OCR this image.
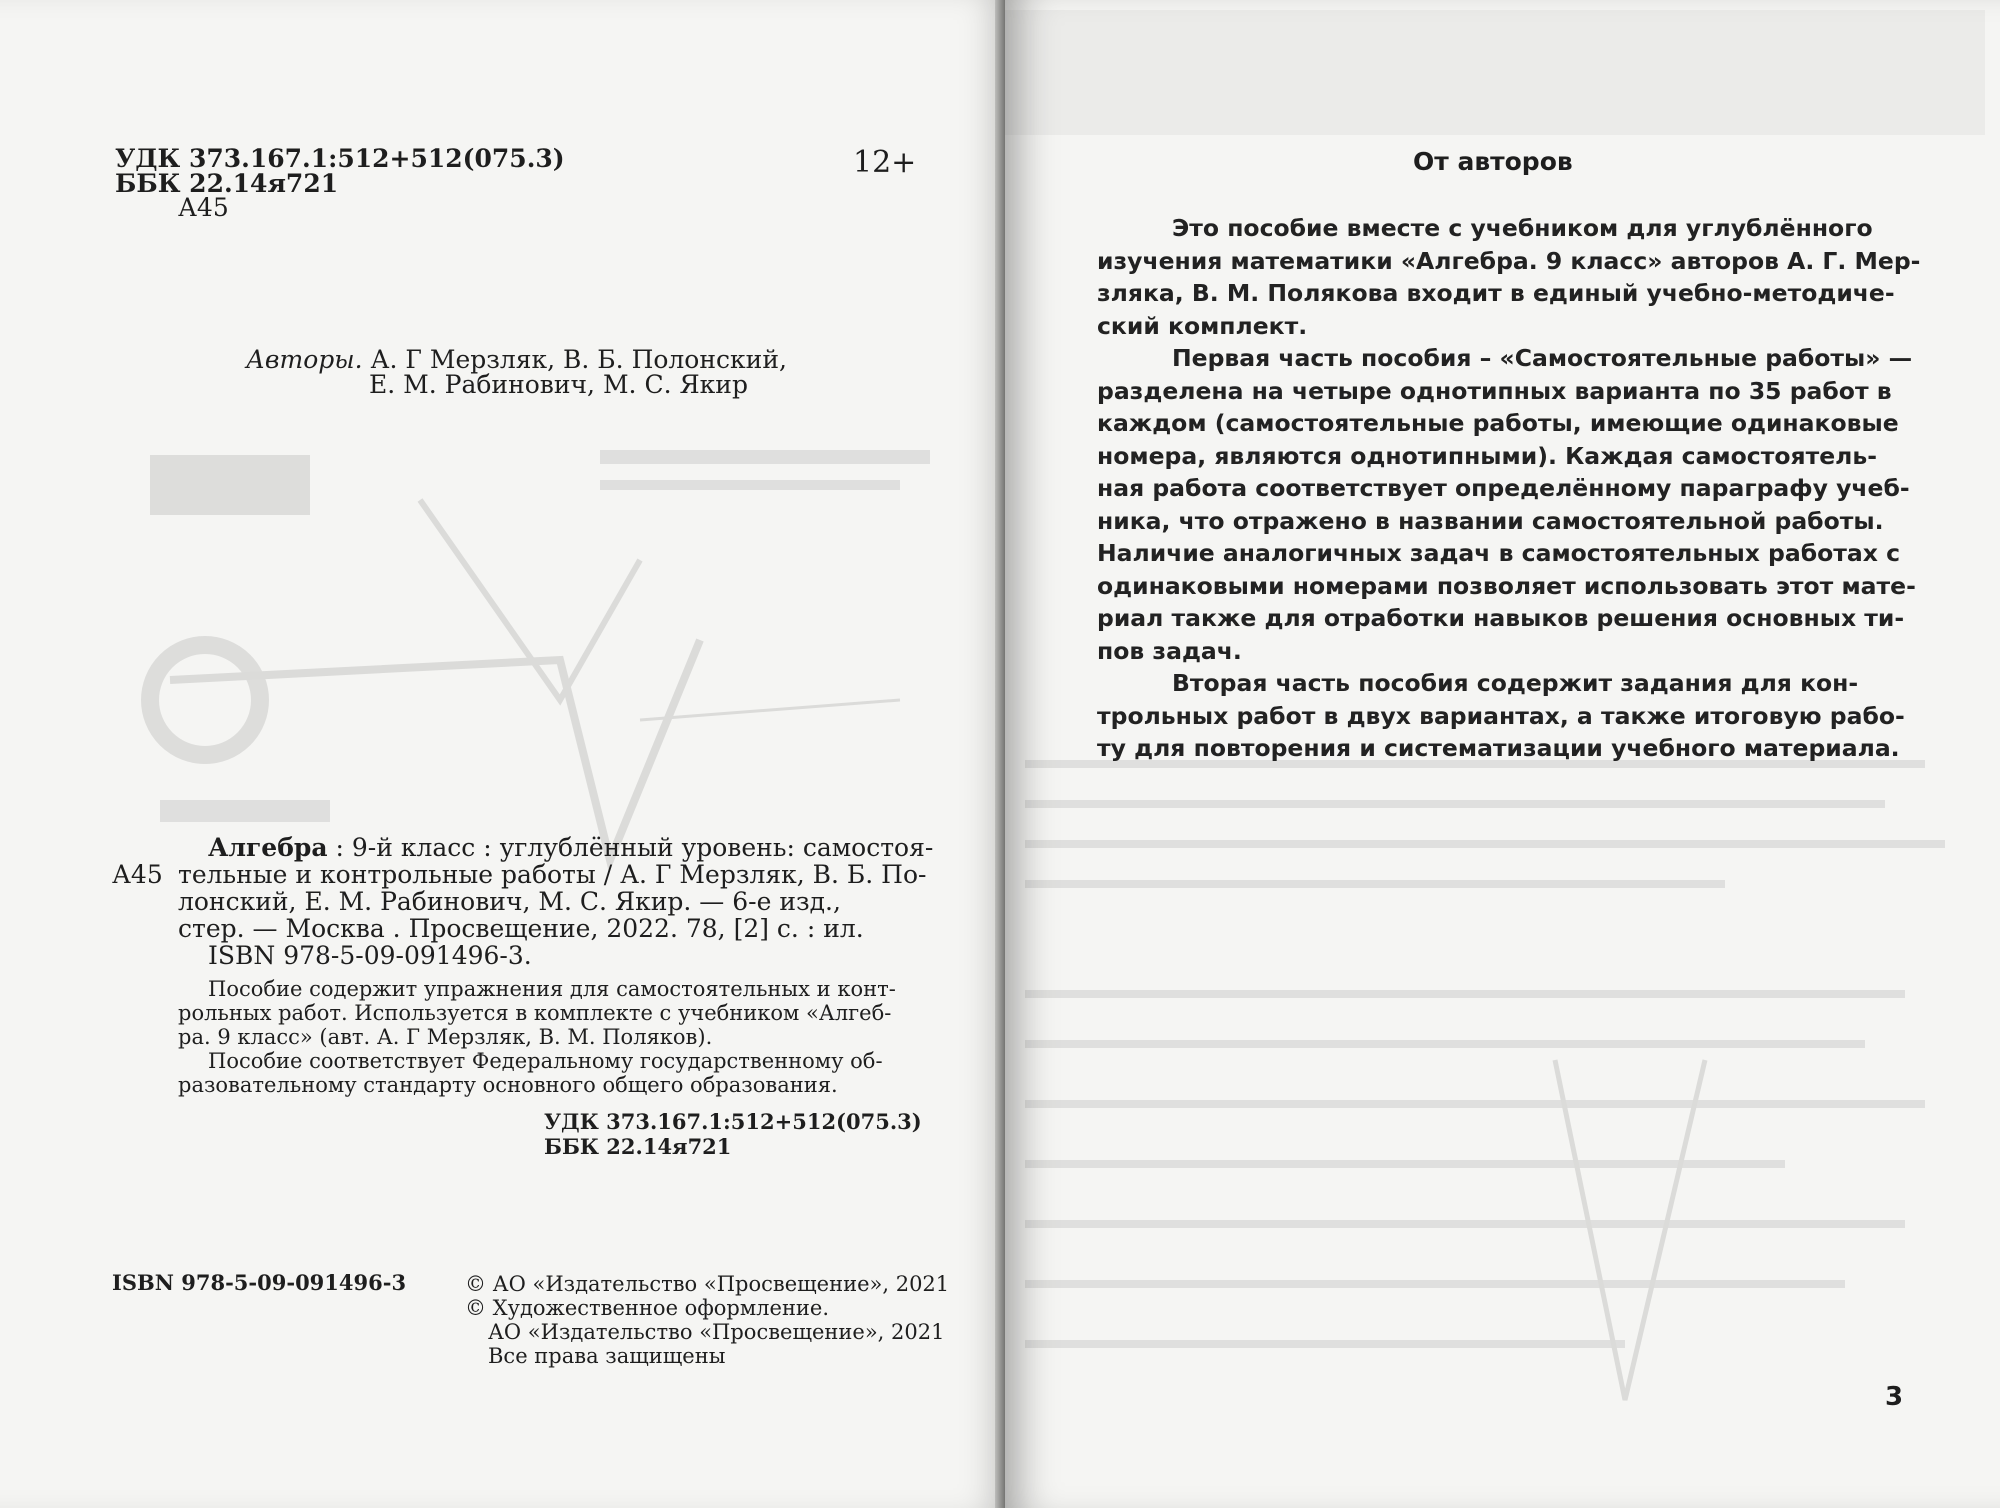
УДК 373.167.1:512+512(075.3)
ББК 22.14я721
А45
12+
Авторы. А. Г Мерзляк, В. Б. Полонский,
Е. М. Рабинович, М. С. Якир
А45
Алгебра : 9-й класс : углублённый уровень: самостоя-
тельные и контрольные работы / А. Г Мерзляк, В. Б. По-
лонский, Е. М. Рабинович, М. С. Якир. — 6-е изд.,
стер. — Москва . Просвещение, 2022. 78, [2] с. : ил.
ISBN 978-5-09-091496-3.
Пособие содержит упражнения для самостоятельных и конт-
рольных работ. Используется в комплекте с учебником «Алгеб-
ра. 9 класс» (авт. А. Г Мерзляк, В. М. Поляков).
Пособие соответствует Федеральному государственному об-
разовательному стандарту основного общего образования.
УДК 373.167.1:512+512(075.3)
ББК 22.14я721
ISBN 978-5-09-091496-3	© АО «Издательство «Просвещение», 2021
© Художественное оформление.
АО «Издательство «Просвещение», 2021
Все права защищены
От авторов
Это пособие вместе с учебником для углублённого
изучения математики «Алгебра. 9 класс» авторов А. Г. Мер-
зляка, В. М. Полякова входит в единый учебно-методиче-
ский комплект.
Первая часть пособия – «Самостоятельные работы» —
разделена на четыре однотипных варианта по 35 работ в
каждом (самостоятельные работы, имеющие одинаковые
номера, являются однотипными). Каждая самостоятель-
ная работа соответствует определённому параграфу учеб-
ника, что отражено в названии самостоятельной работы.
Наличие аналогичных задач в самостоятельных работах с
одинаковыми номерами позволяет использовать этот мате-
риал также для отработки навыков решения основных ти-
пов задач.
Вторая часть пособия содержит задания для кон-
трольных работ в двух вариантах, а также итоговую рабо-
ту для повторения и систематизации учебного материала.
3
